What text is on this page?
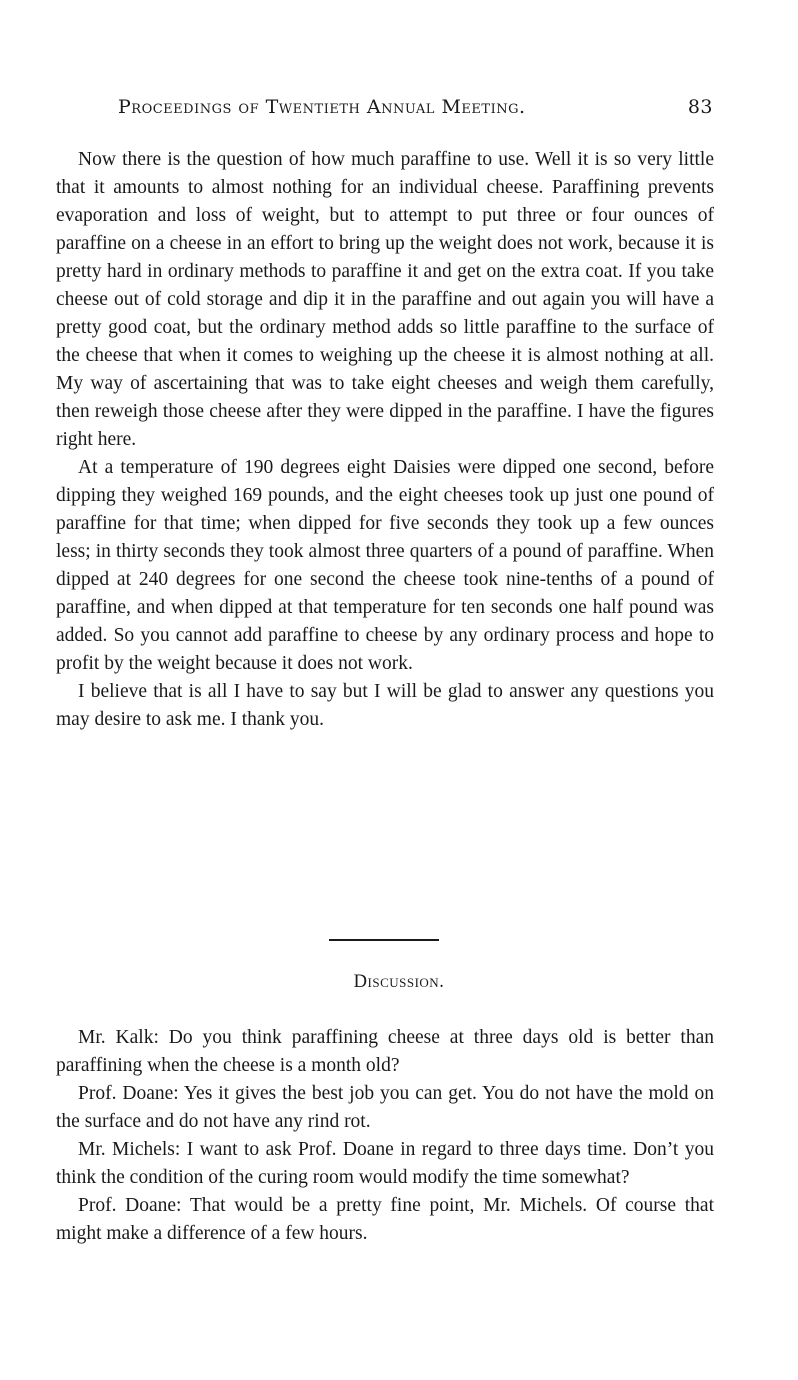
Proceedings of Twentieth Annual Meeting.	83

Now there is the question of how much paraffine to use. Well it is so very little that it amounts to almost nothing for an individual cheese. Paraffining prevents evaporation and loss of weight, but to attempt to put three or four ounces of paraffine on a cheese in an effort to bring up the weight does not work, because it is pretty hard in ordinary methods to paraffine it and get on the extra coat. If you take cheese out of cold storage and dip it in the paraffine and out again you will have a pretty good coat, but the ordinary method adds so little paraffine to the surface of the cheese that when it comes to weighing up the cheese it is almost nothing at all. My way of ascertaining that was to take eight cheeses and weigh them carefully, then reweigh those cheese after they were dipped in the paraffine. I have the figures right here.

At a temperature of 190 degrees eight Daisies were dipped one second, before dipping they weighed 169 pounds, and the eight cheeses took up just one pound of paraffine for that time; when dipped for five seconds they took up a few ounces less; in thirty seconds they took almost three quarters of a pound of paraffine. When dipped at 240 degrees for one second the cheese took nine-tenths of a pound of paraffine, and when dipped at that temperature for ten seconds one half pound was added. So you cannot add paraffine to cheese by any ordinary process and hope to profit by the weight because it does not work.

I believe that is all I have to say but I will be glad to answer any questions you may desire to ask me. I thank you.

Discussion.

Mr. Kalk: Do you think paraffining cheese at three days old is better than paraffining when the cheese is a month old?

Prof. Doane: Yes it gives the best job you can get. You do not have the mold on the surface and do not have any rind rot.

Mr. Michels: I want to ask Prof. Doane in regard to three days time. Don’t you think the condition of the curing room would modify the time somewhat?

Prof. Doane: That would be a pretty fine point, Mr. Michels. Of course that might make a difference of a few hours.
